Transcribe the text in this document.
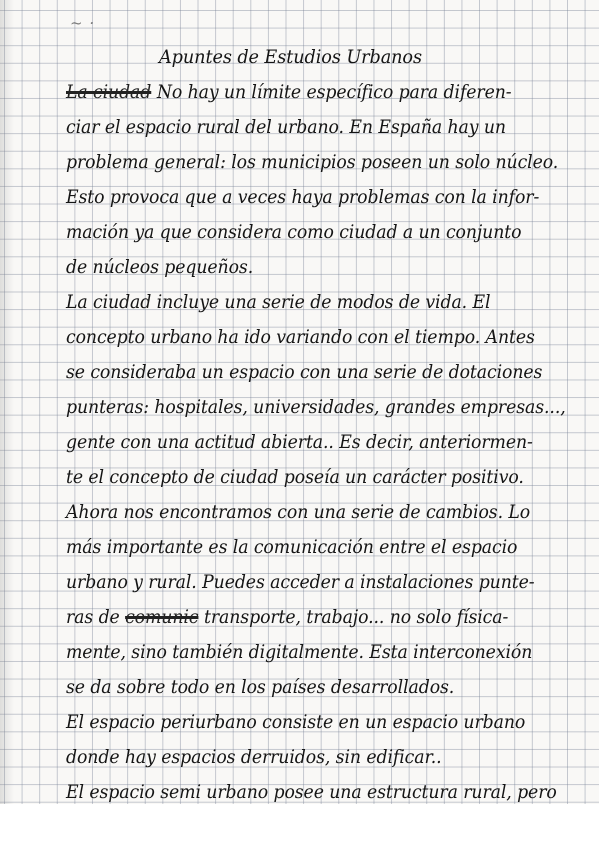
~ ·
Apuntes de Estudios Urbanos
La ciudad No hay un límite específico para diferen-
ciar el espacio rural del urbano. En España hay un
problema general: los municipios poseen un solo núcleo.
Esto provoca que a veces haya problemas con la infor-
mación ya que considera como ciudad a un conjunto
de núcleos pequeños.
La ciudad incluye una serie de modos de vida. El
concepto urbano ha ido variando con el tiempo. Antes
se consideraba un espacio con una serie de dotaciones
punteras: hospitales, universidades, grandes empresas...,
gente con una actitud abierta.. Es decir, anteriormen-
te el concepto de ciudad poseía un carácter positivo.
Ahora nos encontramos con una serie de cambios. Lo
más importante es la comunicación entre el espacio
urbano y rural. Puedes acceder a instalaciones punte-
ras de comunic transporte, trabajo... no solo física-
mente, sino también digitalmente. Esta interconexión
se da sobre todo en los países desarrollados.
El espacio periurbano consiste en un espacio urbano
donde hay espacios derruidos, sin edificar..
El espacio semi urbano posee una estructura rural, pero
